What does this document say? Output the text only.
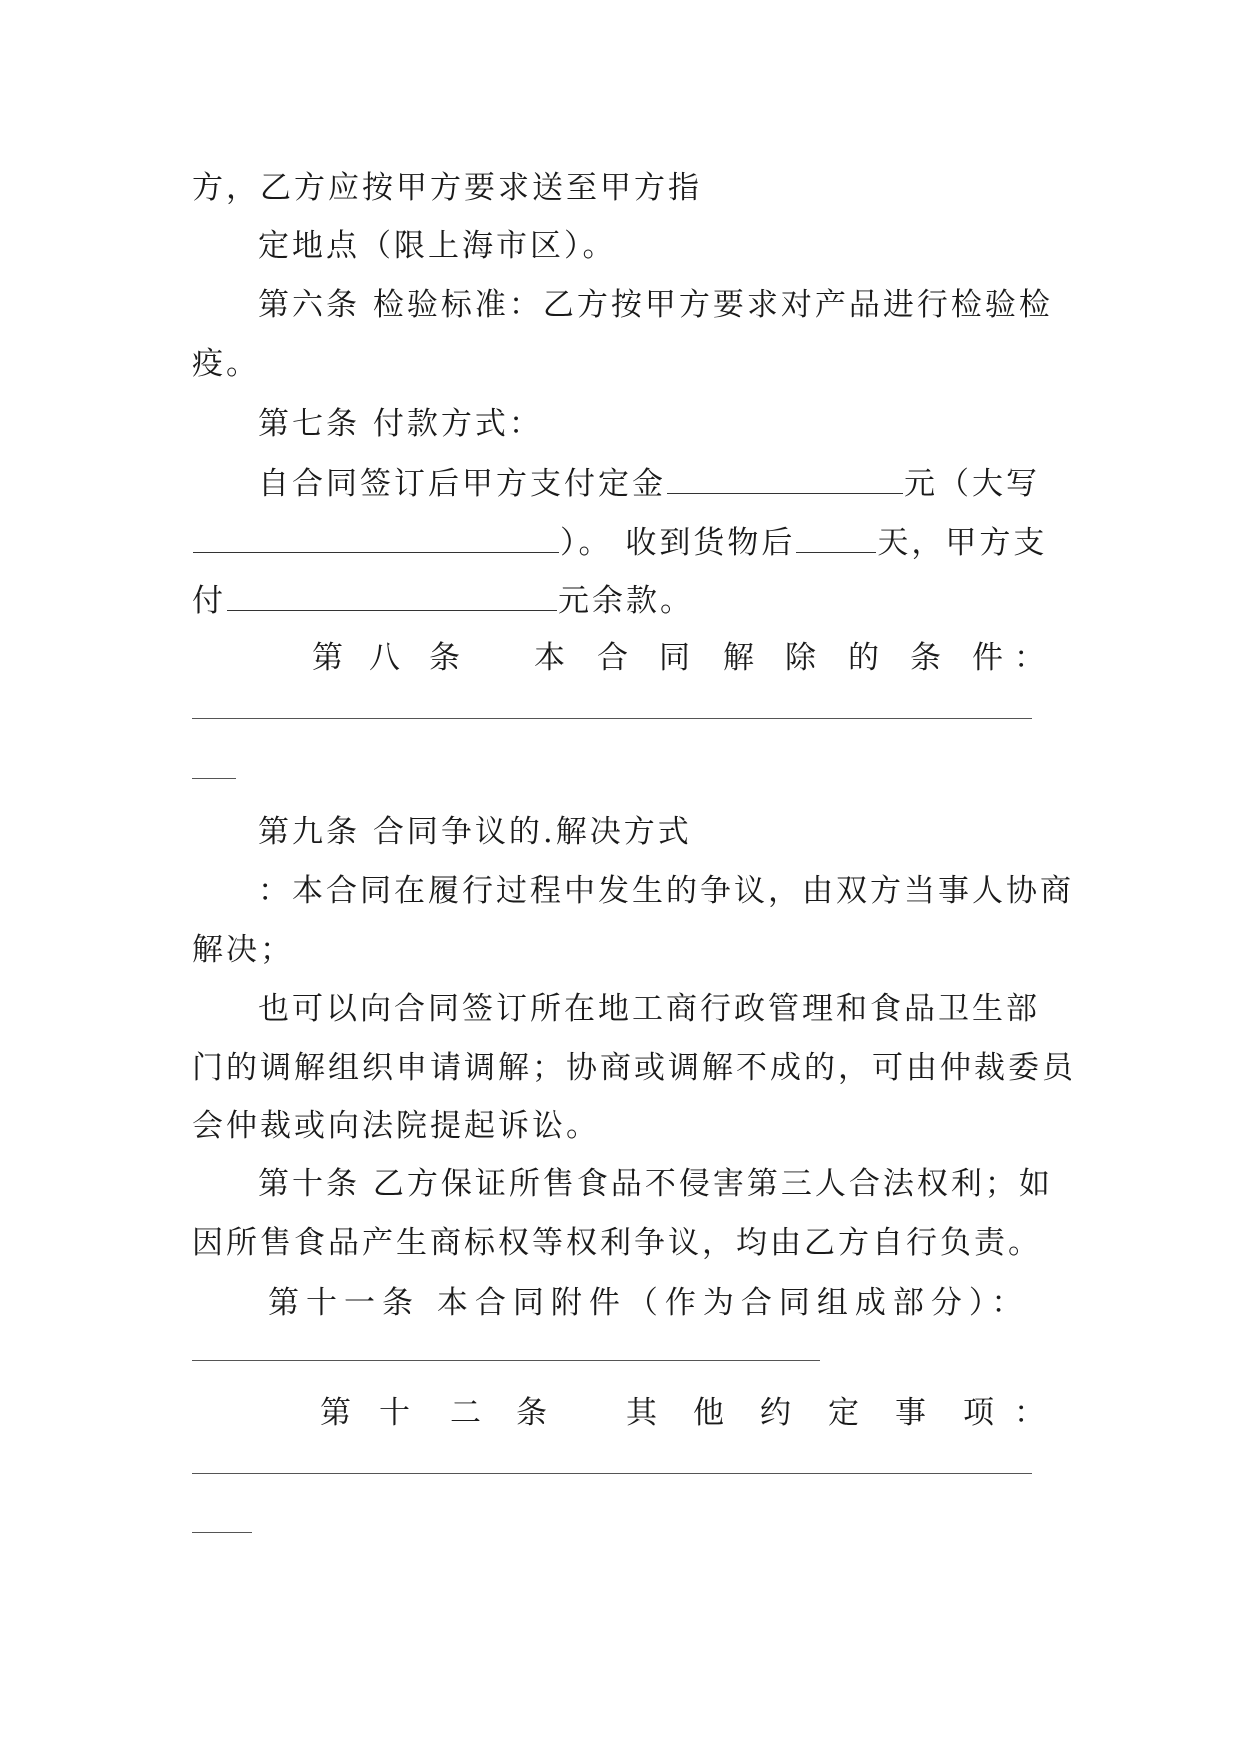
方，乙方应按甲方要求送至甲方指
定地点（限上海市区）。
第六条 检验标准：乙方按甲方要求对产品进行检验检
疫。
第七条 付款方式：
自合同签订后甲方支付定金	元（大写
）。 收到货物后	天，甲方支
付	元余款。
第 八 条 本 合 同 解 除 的 条 件 ：
第九条 合同争议的.解决方式
：本合同在履行过程中发生的争议，由双方当事人协商
解决；
也可以向合同签订所在地工商行政管理和食品卫生部
门的调解组织申请调解；协商或调解不成的，可由仲裁委员
会仲裁或向法院提起诉讼。
第十条 乙方保证所售食品不侵害第三人合法权利；如
因所售食品产生商标权等权利争议，均由乙方自行负责。
第十一条 本合同附件（作为合同组成部分）：
第 十 二 条	其 他 约 定 事 项 ：
